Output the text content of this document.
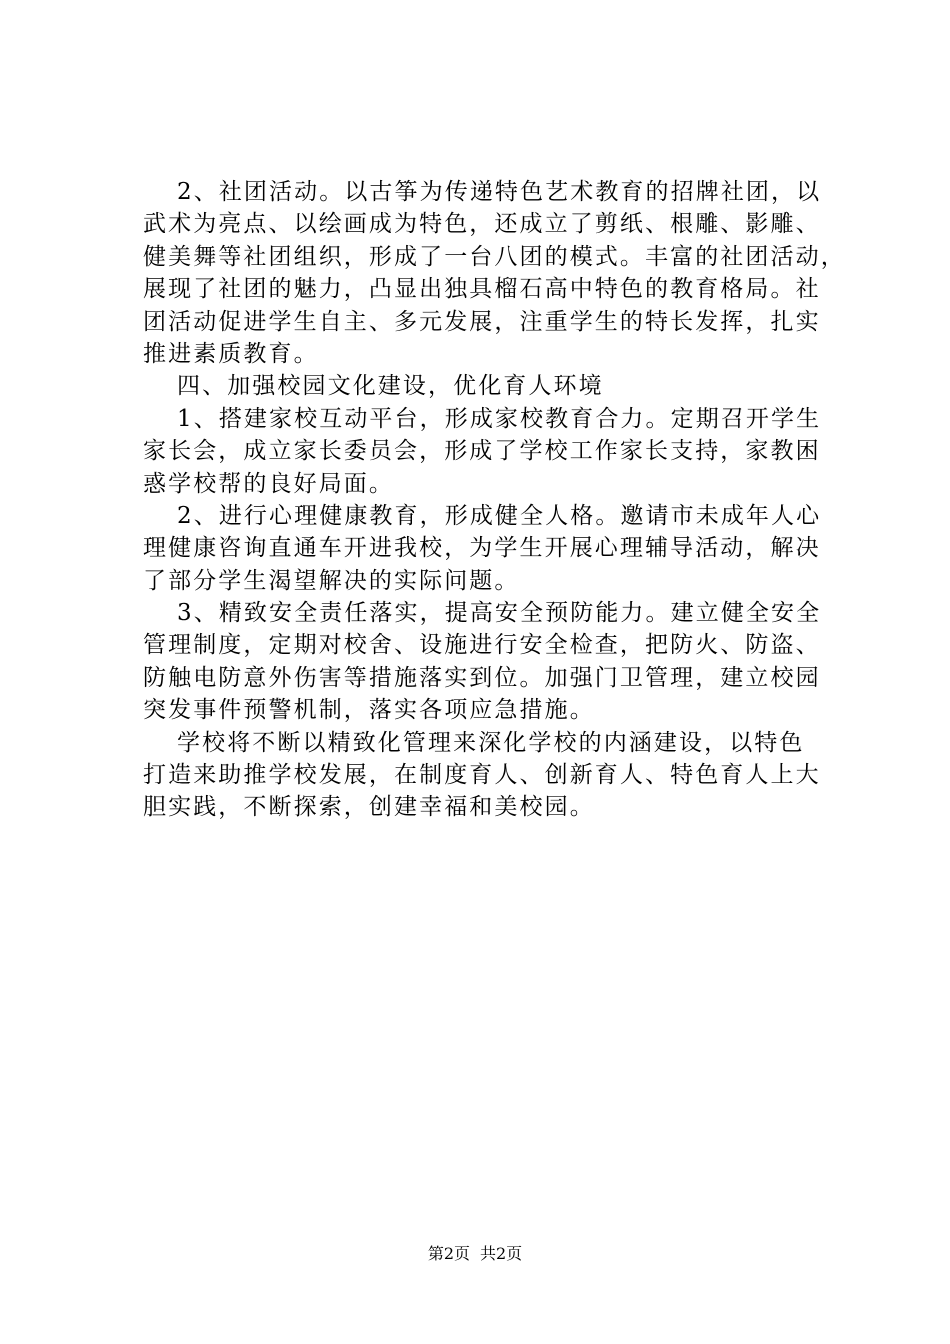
2、社团活动。以古筝为传递特色艺术教育的招牌社团，以
武术为亮点、以绘画成为特色，还成立了剪纸、根雕、影雕、
健美舞等社团组织，形成了一台八团的模式。丰富的社团活动，
展现了社团的魅力，凸显出独具榴石高中特色的教育格局。社
团活动促进学生自主、多元发展，注重学生的特长发挥，扎实
推进素质教育。
四、加强校园文化建设，优化育人环境
1、搭建家校互动平台，形成家校教育合力。定期召开学生
家长会，成立家长委员会，形成了学校工作家长支持，家教困
惑学校帮的良好局面。
2、进行心理健康教育，形成健全人格。邀请市未成年人心
理健康咨询直通车开进我校，为学生开展心理辅导活动，解决
了部分学生渴望解决的实际问题。
3、精致安全责任落实，提高安全预防能力。建立健全安全
管理制度，定期对校舍、设施进行安全检查，把防火、防盗、
防触电防意外伤害等措施落实到位。加强门卫管理，建立校园
突发事件预警机制，落实各项应急措施。
学校将不断以精致化管理来深化学校的内涵建设，以特色
打造来助推学校发展，在制度育人、创新育人、特色育人上大
胆实践，不断探索，创建幸福和美校园。
第2页 共2页
